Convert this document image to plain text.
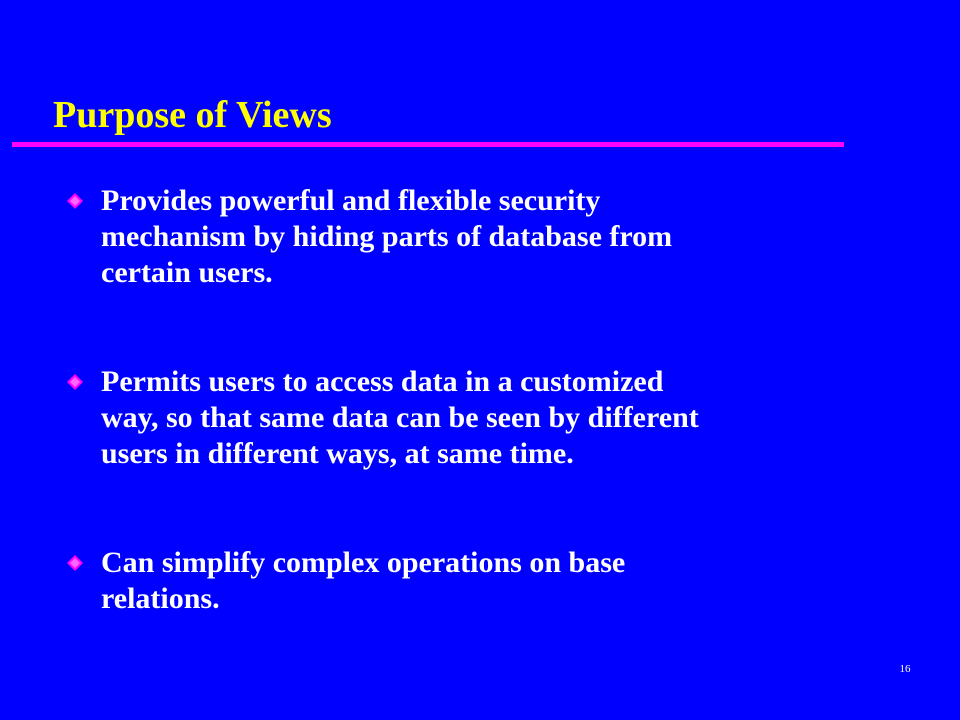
Purpose of Views
Provides powerful and flexible security
mechanism by hiding parts of database from
certain users.
Permits users to access data in a customized
way, so that same data can be seen by different
users in different ways, at same time.
Can simplify complex operations on base
relations.
16
